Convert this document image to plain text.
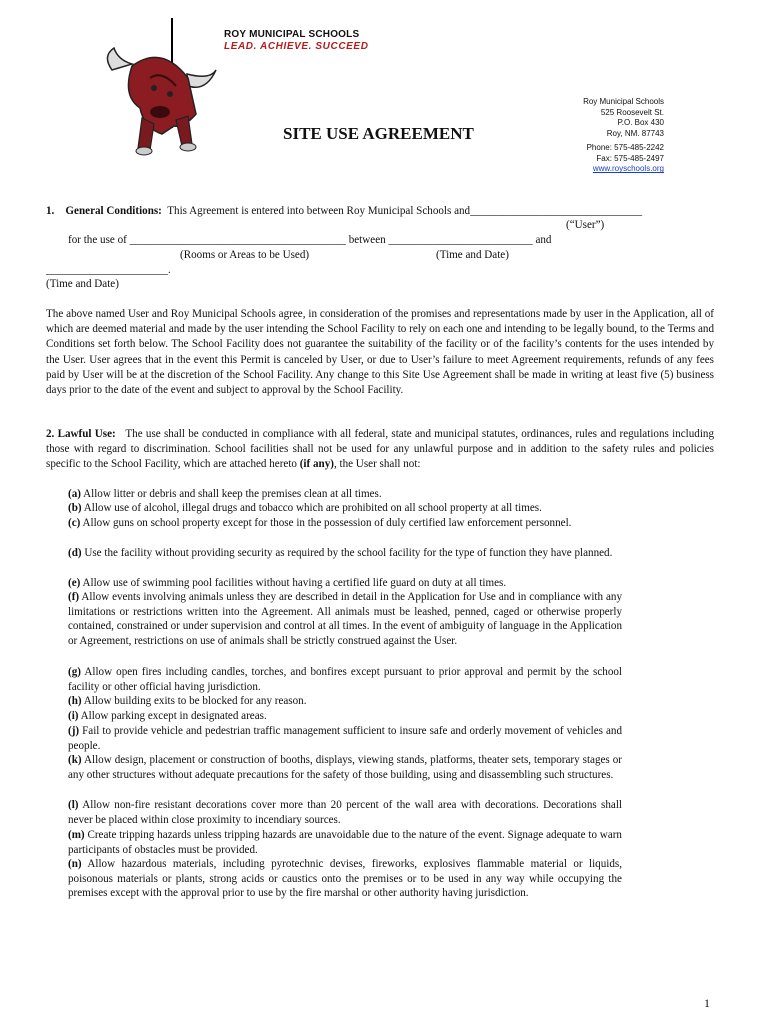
ROY MUNICIPAL SCHOOLS
LEAD. ACHIEVE. SUCCEED
SITE USE AGREEMENT
Roy Municipal Schools
525 Roosevelt St.
P.O. Box 430
Roy, NM. 87743
Phone: 575-485-2242
Fax: 575-485-2497
www.royschools.org
1. General Conditions: This Agreement is entered into between Roy Municipal Schools and_______________________________
(“User”)
for the use of _______________________________________ between __________________________ and
(Rooms or Areas to be Used)	(Time and Date)
______________________.
(Time and Date)
The above named User and Roy Municipal Schools agree, in consideration of the promises and representations made by user in the Application, all of which are deemed material and made by the user intending the School Facility to rely on each one and intending to be legally bound, to the Terms and Conditions set forth below. The School Facility does not guarantee the suitability of the facility or of the facility’s contents for the uses intended by the User. User agrees that in the event this Permit is canceled by User, or due to User’s failure to meet Agreement requirements, refunds of any fees paid by User will be at the discretion of the School Facility. Any change to this Site Use Agreement shall be made in writing at least five (5) business days prior to the date of the event and subject to approval by the School Facility.
2. Lawful Use: The use shall be conducted in compliance with all federal, state and municipal statutes, ordinances, rules and regulations including those with regard to discrimination. School facilities shall not be used for any unlawful purpose and in addition to the safety rules and policies specific to the School Facility, which are attached hereto (if any), the User shall not:
(a) Allow litter or debris and shall keep the premises clean at all times.
(b) Allow use of alcohol, illegal drugs and tobacco which are prohibited on all school property at all times.
(c) Allow guns on school property except for those in the possession of duly certified law enforcement personnel.
(d) Use the facility without providing security as required by the school facility for the type of function they have planned.
(e) Allow use of swimming pool facilities without having a certified life guard on duty at all times.
(f) Allow events involving animals unless they are described in detail in the Application for Use and in compliance with any limitations or restrictions written into the Agreement. All animals must be leashed, penned, caged or otherwise properly contained, constrained or under supervision and control at all times. In the event of ambiguity of language in the Application or Agreement, restrictions on use of animals shall be strictly construed against the User.
(g) Allow open fires including candles, torches, and bonfires except pursuant to prior approval and permit by the school facility or other official having jurisdiction.
(h) Allow building exits to be blocked for any reason.
(i) Allow parking except in designated areas.
(j) Fail to provide vehicle and pedestrian traffic management sufficient to insure safe and orderly movement of vehicles and people.
(k) Allow design, placement or construction of booths, displays, viewing stands, platforms, theater sets, temporary stages or any other structures without adequate precautions for the safety of those building, using and disassembling such structures.
(l) Allow non-fire resistant decorations cover more than 20 percent of the wall area with decorations. Decorations shall never be placed within close proximity to incendiary sources.
(m) Create tripping hazards unless tripping hazards are unavoidable due to the nature of the event. Signage adequate to warn participants of obstacles must be provided.
(n) Allow hazardous materials, including pyrotechnic devises, fireworks, explosives flammable material or liquids, poisonous materials or plants, strong acids or caustics onto the premises or to be used in any way while occupying the premises except with the approval prior to use by the fire marshal or other authority having jurisdiction.
1
